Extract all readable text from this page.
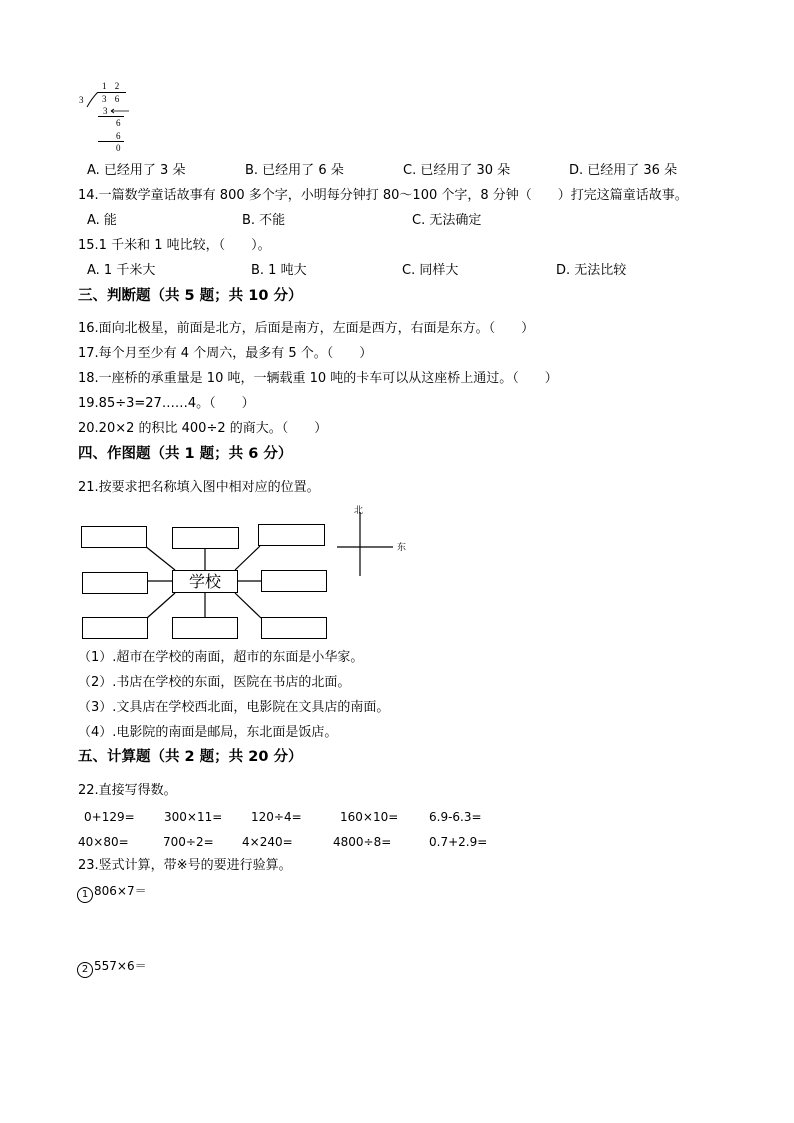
3
1 2
3 6
3
6
6
0
A. 已经用了 3 朵	B. 已经用了 6 朵	C. 已经用了 30 朵	D. 已经用了 36 朵
14.一篇数学童话故事有 800 多个字，小明每分钟打 80～100 个字，8 分钟（　　）打完这篇童话故事。
A. 能	B. 不能	C. 无法确定
15.1 千米和 1 吨比较，（　　）。
A. 1 千米大	B. 1 吨大	C. 同样大	D. 无法比较
三、判断题（共 5 题；共 10 分）
16.面向北极星，前面是北方，后面是南方，左面是西方，右面是东方。（　　）
17.每个月至少有 4 个周六，最多有 5 个。（　　）
18.一座桥的承重量是 10 吨，一辆载重 10 吨的卡车可以从这座桥上通过。（　　）
19.85÷3=27……4。（　　）
20.20×2 的积比 400÷2 的商大。（　　）
四、作图题（共 1 题；共 6 分）
21.按要求把名称填入图中相对应的位置。
学校
北
东
（1）.超市在学校的南面，超市的东面是小华家。
（2）.书店在学校的东面，医院在书店的北面。
（3）.文具店在学校西北面，电影院在文具店的南面。
（4）.电影院的南面是邮局，东北面是饭店。
五、计算题（共 2 题；共 20 分）
22.直接写得数。
0+129= 300×11= 120÷4=	160×10=	6.9-6.3=
40×80=	700÷2= 4×240=	4800÷8=	0.7+2.9=
23.竖式计算，带※号的要进行验算。
1 806×7＝
2 557×6＝
